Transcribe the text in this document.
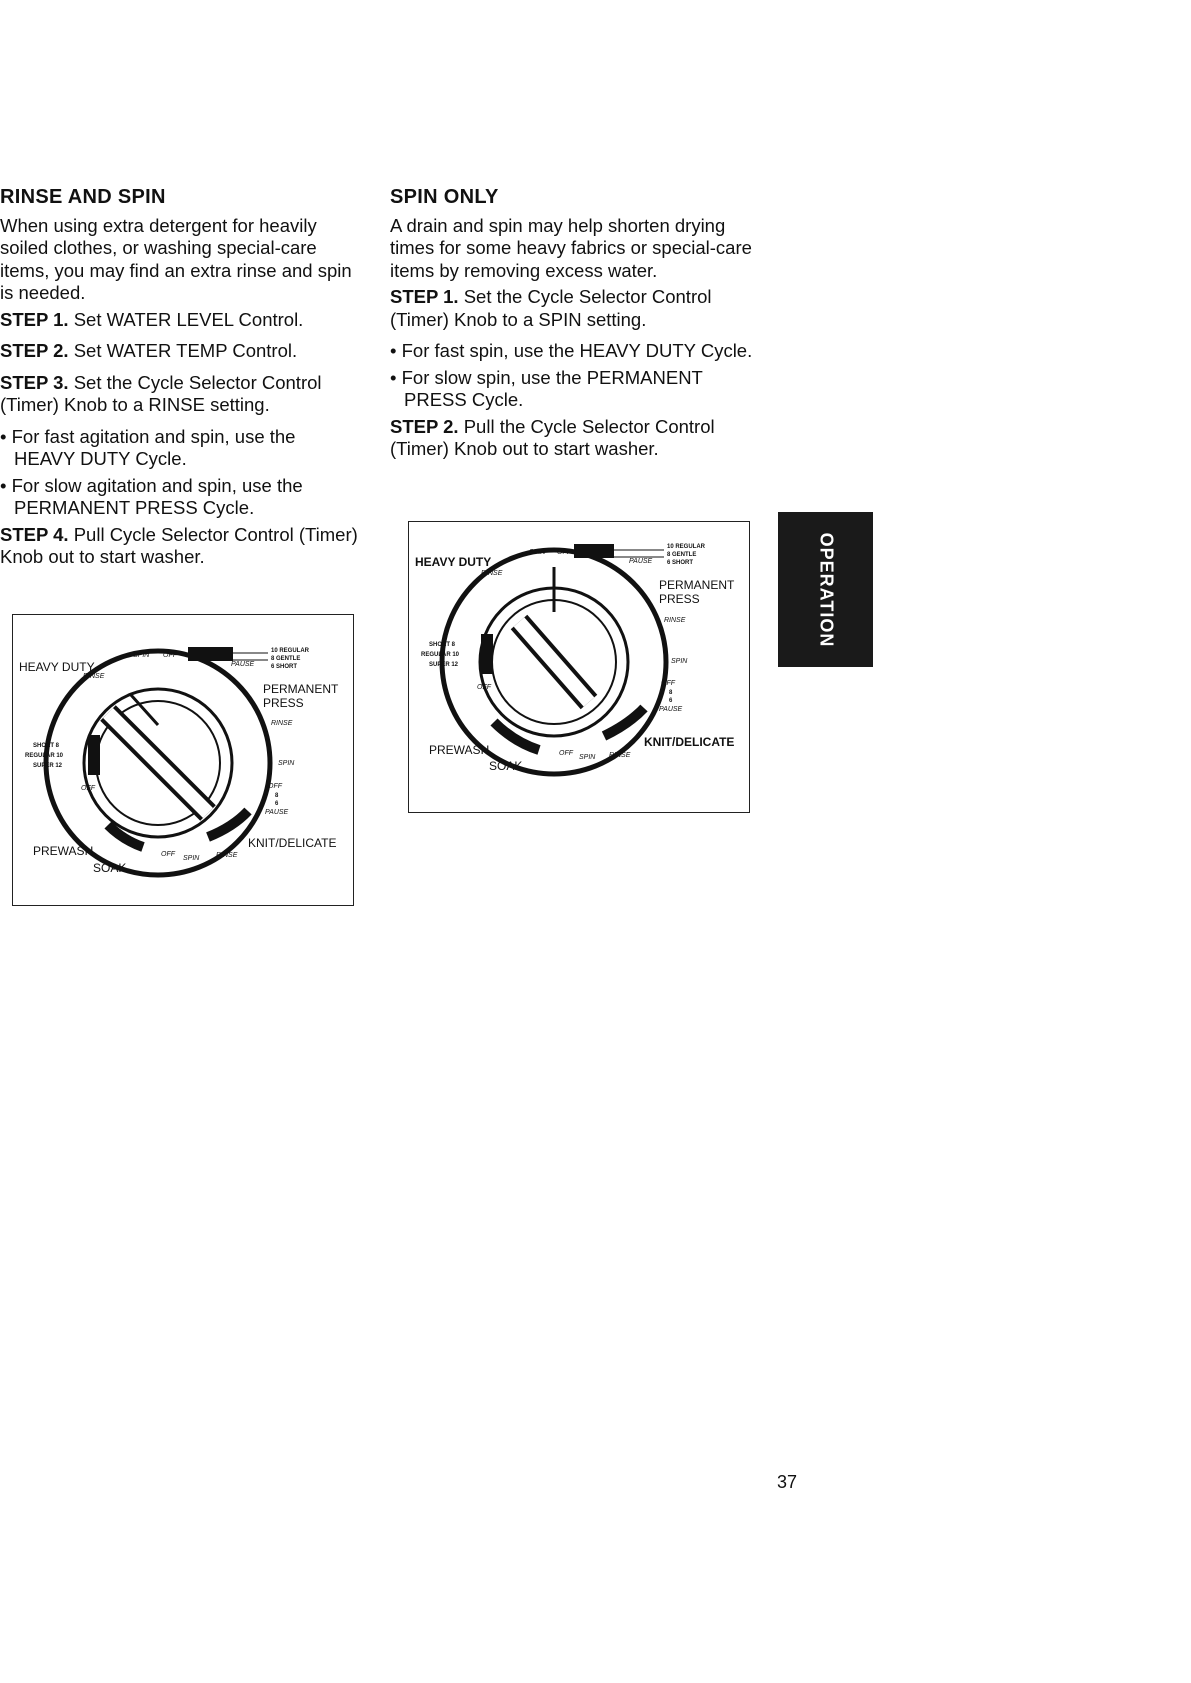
RINSE AND SPIN
When using extra detergent for heavily soiled clothes, or washing special-care items, you may find an extra rinse and spin is needed.
STEP 1. Set WATER LEVEL Control.
STEP 2. Set WATER TEMP Control.
STEP 3. Set the Cycle Selector Control (Timer) Knob to a RINSE setting.
• For fast agitation and spin, use the HEAVY DUTY Cycle.
• For slow agitation and spin, use the PERMANENT PRESS Cycle.
STEP 4. Pull Cycle Selector Control (Timer) Knob out to start washer.
SPIN ONLY
A drain and spin may help shorten drying times for some heavy fabrics or special-care items by removing excess water.
STEP 1. Set the Cycle Selector Control (Timer) Knob to a SPIN setting.
• For fast spin, use the HEAVY DUTY Cycle.
• For slow spin, use the PERMANENT PRESS Cycle.
STEP 2. Pull the Cycle Selector Control (Timer) Knob out to start washer.
HEAVY DUTY
SPIN OFF
RINSE
10 REGULAR
8 GENTLE
6 SHORT
PAUSE
PERMANENT
PRESS
RINSE
SHORT 8
REGULAR 10
SUPER 12	SPIN
OFF	OFF
8
6
PAUSE
KNIT/DELICATE
PREWASH
SOAK
OFF
SPIN RINSE
HEAVY DUTY
SPIN OFF
RINSE
10 REGULAR
8 GENTLE
6 SHORT
PAUSE
PERMANENT
PRESS
RINSE
SHORT 8
REGULAR 10
SUPER 12	SPIN
OFF
OFF
8
6
PAUSE
KNIT/DELICATE
PREWASH
SOAK
OFF
SPIN RINSE
OPERATION
37
